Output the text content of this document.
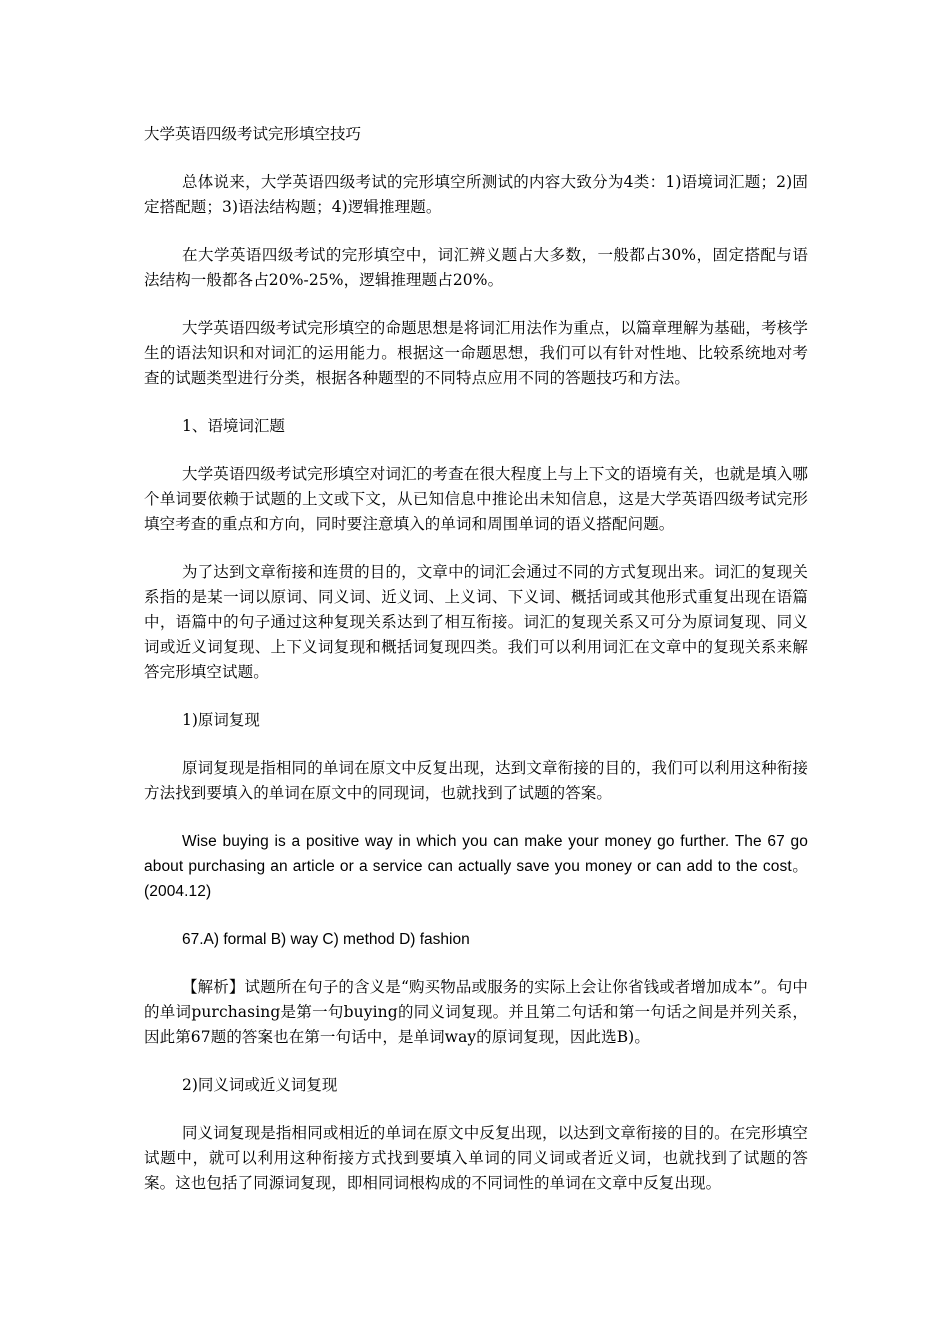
大学英语四级考试完形填空技巧

总体说来，大学英语四级考试的完形填空所测试的内容大致分为4类：1)语境词汇题；2)固定搭配题；3)语法结构题；4)逻辑推理题。

在大学英语四级考试的完形填空中，词汇辨义题占大多数，一般都占30%，固定搭配与语法结构一般都各占20%-25%，逻辑推理题占20%。

大学英语四级考试完形填空的命题思想是将词汇用法作为重点，以篇章理解为基础，考核学生的语法知识和对词汇的运用能力。根据这一命题思想，我们可以有针对性地、比较系统地对考查的试题类型进行分类，根据各种题型的不同特点应用不同的答题技巧和方法。

1、语境词汇题

大学英语四级考试完形填空对词汇的考查在很大程度上与上下文的语境有关，也就是填入哪个单词要依赖于试题的上文或下文，从已知信息中推论出未知信息，这是大学英语四级考试完形填空考查的重点和方向，同时要注意填入的单词和周围单词的语义搭配问题。

为了达到文章衔接和连贯的目的，文章中的词汇会通过不同的方式复现出来。词汇的复现关系指的是某一词以原词、同义词、近义词、上义词、下义词、概括词或其他形式重复出现在语篇中，语篇中的句子通过这种复现关系达到了相互衔接。词汇的复现关系又可分为原词复现、同义词或近义词复现、上下义词复现和概括词复现四类。我们可以利用词汇在文章中的复现关系来解答完形填空试题。

1)原词复现

原词复现是指相同的单词在原文中反复出现，达到文章衔接的目的，我们可以利用这种衔接方法找到要填入的单词在原文中的同现词，也就找到了试题的答案。

Wise buying is a positive way in which you can make your money go further. The 67 go about purchasing an article or a service can actually save you money or can add to the cost。(2004.12)

67.A) formal B) way C) method D) fashion

【解析】试题所在句子的含义是“购买物品或服务的实际上会让你省钱或者增加成本”。句中的单词purchasing是第一句buying的同义词复现。并且第二句话和第一句话之间是并列关系，因此第67题的答案也在第一句话中，是单词way的原词复现，因此选B)。

2)同义词或近义词复现

同义词复现是指相同或相近的单词在原文中反复出现，以达到文章衔接的目的。在完形填空试题中，就可以利用这种衔接方式找到要填入单词的同义词或者近义词，也就找到了试题的答案。这也包括了同源词复现，即相同词根构成的不同词性的单词在文章中反复出现。
